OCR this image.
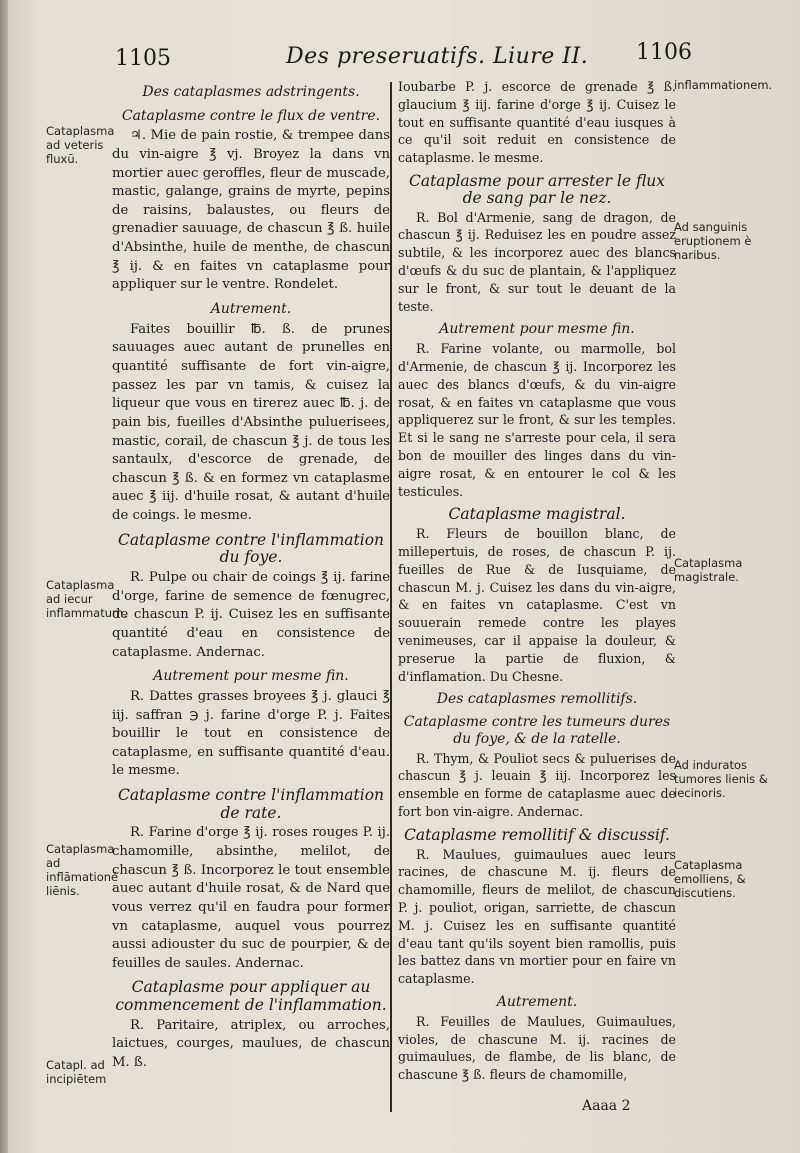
1105	Des preseruatifs. Liure II. 1106
Des cataplasmes adstringents.
Cataplasme contre le flux de ventre.

♃. Mie de pain rostie, & trempee dans du vin-aigre ℥ vj. Broyez la dans vn mortier auec geroffles, fleur de muscade, mastic, galange, grains de myrte, pepins de raisins, balaustes, ou fleurs de grenadier sauuage, de chascun ℥ ß. huile d'Absinthe, huile de menthe, de chascun ℥ ij. & en faites vn cataplasme pour appliquer sur le ventre. Rondelet.

Autrement.

Faites bouillir ℔. ß. de prunes sauuages auec autant de prunelles en quantité suffisante de fort vin-aigre, passez les par vn tamis, & cuisez la liqueur que vous en tirerez auec ℔. j. de pain bis, fueilles d'Absinthe puluerisees, mastic, corail, de chascun ℥ j. de tous les santaulx, d'escorce de grenade, de chascun ℥ ß. & en formez vn cataplasme auec ℥ iij. d'huile rosat, & autant d'huile de coings. le mesme.

Cataplasme contre l'inflammation du foye.

R. Pulpe ou chair de coings ℥ ij. farine d'orge, farine de semence de fœnugrec, de chascun P. ij. Cuisez les en suffisante quantité d'eau en consistence de cataplasme. Andernac.

Autrement pour mesme fin.

R. Dattes grasses broyees ℥ j. glauci ℥ iij. saffran ℈ j. farine d'orge P. j. Faites bouillir le tout en consistence de cataplasme, en suffisante quantité d'eau. le mesme.

Cataplasme contre l'inflammation de rate.

R. Farine d'orge ℥ ij. roses rouges P. ij. chamomille, absinthe, melilot, de chascun ℥ ß. Incorporez le tout ensemble auec autant d'huile rosat, & de Nard que vous verrez qu'il en faudra pour former vn cataplasme, auquel vous pourrez aussi adiouster du suc de pourpier, & de feuilles de saules. Andernac.

Cataplasme pour appliquer au commencement de l'inflammation.

R. Paritaire, atriplex, ou arroches, laictues, courges, maulues, de chascun M. ß.

Ioubarbe P. j. escorce de grenade ℥ ß. glaucium ℥ iij. farine d'orge ℥ ij. Cuisez le tout en suffisante quantité d'eau iusques à ce qu'il soit reduit en consistence de cataplasme. le mesme.

Cataplasme pour arrester le flux de sang par le nez.

R. Bol d'Armenie, sang de dragon, de chascun ℥ ij. Reduisez les en poudre assez subtile, & les incorporez auec des blancs d'œufs & du suc de plantain, & l'appliquez sur le front, & sur tout le deuant de la teste.

Autrement pour mesme fin.

R. Farine volante, ou marmolle, bol d'Armenie, de chascun ℥ ij. Incorporez les auec des blancs d'œufs, & du vin-aigre rosat, & en faites vn cataplasme que vous appliquerez sur le front, & sur les temples. Et si le sang ne s'arreste pour cela, il sera bon de mouiller des linges dans du vin-aigre rosat, & en entourer le col & les testicules.

Cataplasme magistral.

R. Fleurs de bouillon blanc, de millepertuis, de roses, de chascun P. ij. fueilles de Rue & de Iusquiame, de chascun M. j. Cuisez les dans du vin-aigre, & en faites vn cataplasme. C'est vn souuerain remede contre les playes venimeuses, car il appaise la douleur, & preserue la partie de fluxion, & d'inflamation. Du Chesne.

Des cataplasmes remollitifs.
Cataplasme contre les tumeurs dures du foye, & de la ratelle.

R. Thym, & Pouliot secs & puluerises de chascun ℥ j. leuain ℥ iij. Incorporez les ensemble en forme de cataplasme auec de fort bon vin-aigre. Andernac.

Cataplasme remollitif & discussif.

R. Maulues, guimaulues auec leurs racines, de chascune M. ij. fleurs de chamomille, fleurs de melilot, de chascun P. j. pouliot, origan, sarriette, de chascun M. j. Cuisez les en suffisante quantité d'eau tant qu'ils soyent bien ramollis, puis les battez dans vn mortier pour en faire vn cataplasme.

Autrement.

R. Feuilles de Maulues, Guimaulues, violes, de chascune M. ij. racines de guimaulues, de flambe, de lis blanc, de chascune ℥ ß. fleurs de chamomille,

Cataplasma ad veteris fluxū.
Cataplasma ad iecur inflammatum.
Cataplasma ad inflāmationē liēnis.
Catapl. ad incipiētem
inflammationem.
Ad sanguinis eruptionem è naribus.
Cataplasma magistrale.
Ad induratos tumores lienis & iecinoris.
Cataplasma emolliens, & discutiens.
Aaaa 2
